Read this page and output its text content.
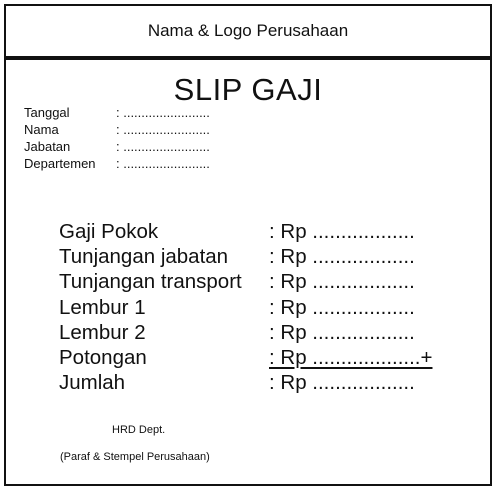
Nama & Logo Perusahaan
SLIP GAJI
Tanggal	: ........................
Nama	: ........................
Jabatan	: ........................
Departemen	: ........................
Gaji Pokok	: Rp ..................
Tunjangan jabatan	: Rp ..................
Tunjangan transport	: Rp ..................
Lembur 1	: Rp ..................
Lembur 2	: Rp ..................
Potongan	: Rp ...................+
Jumlah	: Rp ..................
HRD Dept.
(Paraf & Stempel Perusahaan)
